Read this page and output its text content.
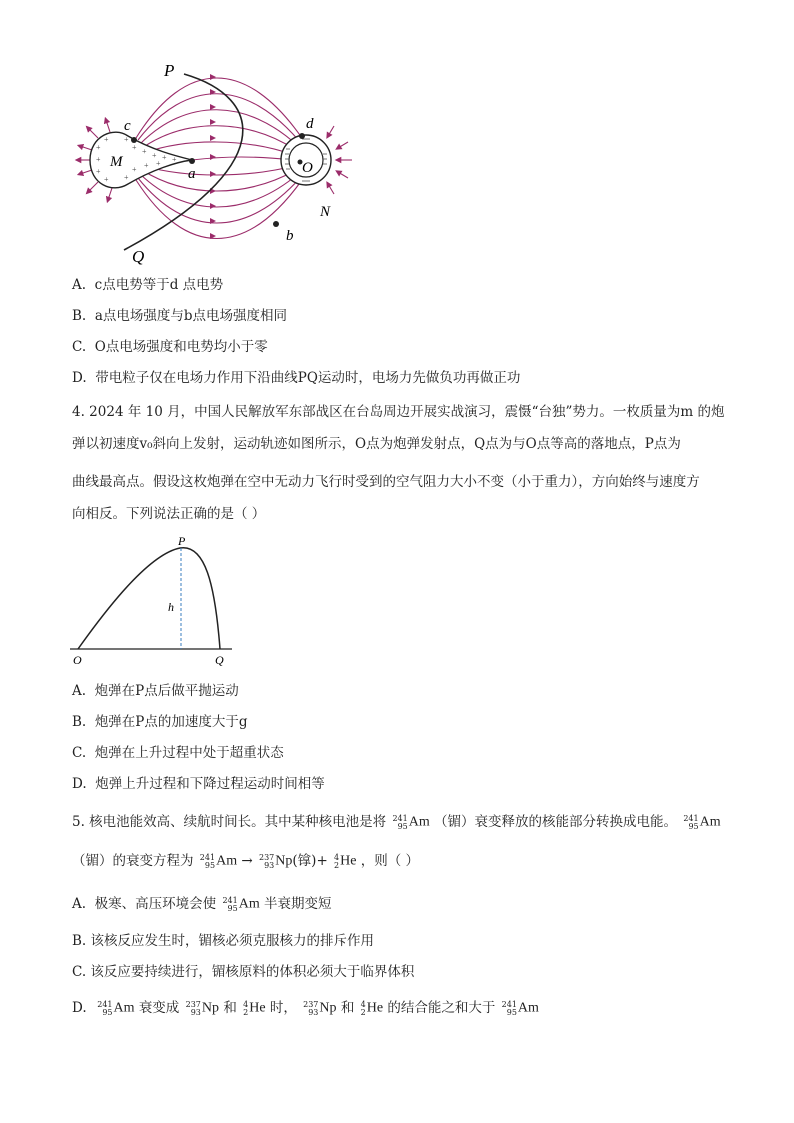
+
+
+
+
+
+
+ + + + +
+
+ + +
P
Q
M
c
a
d
O
N
b
A. c点电势等于d 点电势
B. a点电场强度与b点电场强度相同
C. O点电场强度和电势均小于零
D. 带电粒子仅在电场力作用下沿曲线PQ运动时，电场力先做负功再做正功
4. 2024 年 10 月，中国人民解放军东部战区在台岛周边开展实战演习，震慑“台独”势力。一枚质量为m 的炮
弹以初速度v₀斜向上发射，运动轨迹如图所示，O点为炮弹发射点，Q点为与O点等高的落地点，P点为
曲线最高点。假设这枚炮弹在空中无动力飞行时受到的空气阻力大小不变（小于重力），方向始终与速度方
向相反。下列说法正确的是（ ）
P
h
O	Q
A. 炮弹在P点后做平抛运动
B. 炮弹在P点的加速度大于g
C. 炮弹在上升过程中处于超重状态
D. 炮弹上升过程和下降过程运动时间相等
5. 核电池能效高、续航时间长。其中某种核电池是将 241
95 Am （镅）衰变释放的核能部分转换成电能。 241
95 Am
（镅）的衰变方程为 241
95 Am → 237
93 Np(镎)+ 4
2 He ，则（ ）
A. 极寒、高压环境会使 241
95 Am 半衰期变短
B. 该核反应发生时，镅核必须克服核力的排斥作用
C. 该反应要持续进行，镅核原料的体积必须大于临界体积
D. 241
95 Am 衰变成 237
93 Np 和 4
2 He 时， 237
93 Np 和 4
2 He 的结合能之和大于 241
95 Am
